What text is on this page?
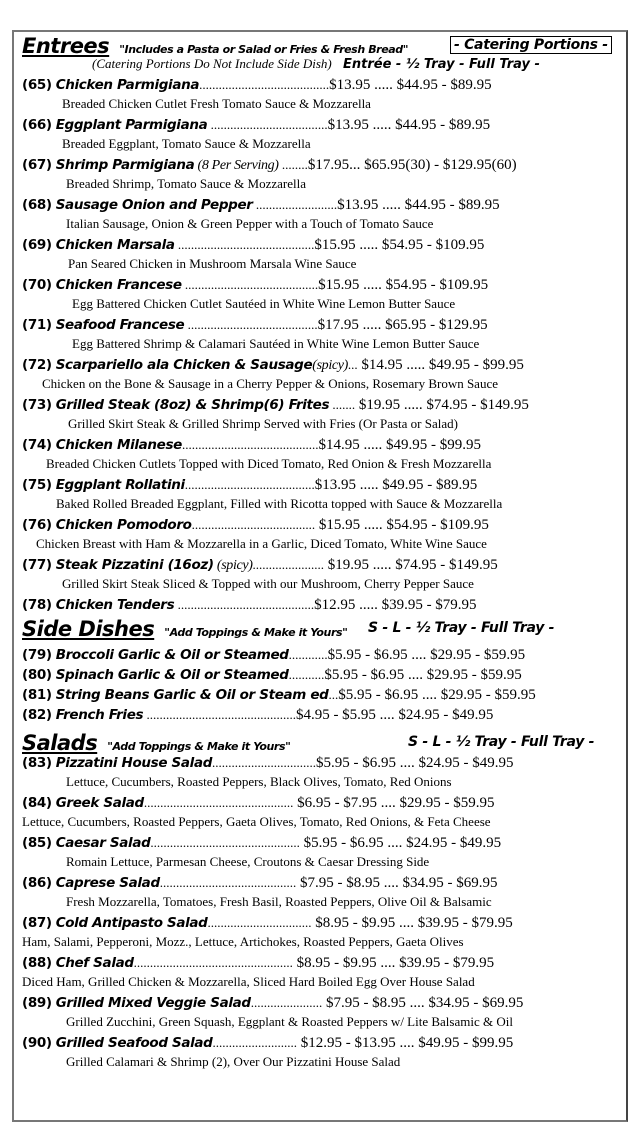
Entrees "Includes a Pasta or Salad or Fries & Fresh Bread"	- Catering Portions -
(Catering Portions Do Not Include Side Dish) Entrée - ½ Tray - Full Tray -
(65) Chicken Parmigiana........................................$13.95 ..... $44.95 - $89.95
Breaded Chicken Cutlet Fresh Tomato Sauce & Mozzarella
(66) Eggplant Parmigiana ....................................$13.95 ..... $44.95 - $89.95
Breaded Eggplant, Tomato Sauce & Mozzarella
(67) Shrimp Parmigiana (8 Per Serving) ........$17.95... $65.95(30) - $129.95(60)
Breaded Shrimp, Tomato Sauce & Mozzarella
(68) Sausage Onion and Pepper .........................$13.95 ..... $44.95 - $89.95
Italian Sausage, Onion & Green Pepper with a Touch of Tomato Sauce
(69) Chicken Marsala ..........................................$15.95 ..... $54.95 - $109.95
Pan Seared Chicken in Mushroom Marsala Wine Sauce
(70) Chicken Francese .........................................$15.95 ..... $54.95 - $109.95
Egg Battered Chicken Cutlet Sautéed in White Wine Lemon Butter Sauce
(71) Seafood Francese ........................................$17.95 ..... $65.95 - $129.95
Egg Battered Shrimp & Calamari Sautéed in White Wine Lemon Butter Sauce
(72) Scarpariello ala Chicken & Sausage(spicy)... $14.95 ..... $49.95 - $99.95
Chicken on the Bone & Sausage in a Cherry Pepper & Onions, Rosemary Brown Sauce
(73) Grilled Steak (8oz) & Shrimp(6) Frites ....... $19.95 ..... $74.95 - $149.95
Grilled Skirt Steak & Grilled Shrimp Served with Fries (Or Pasta or Salad)
(74) Chicken Milanese..........................................$14.95 ..... $49.95 - $99.95
Breaded Chicken Cutlets Topped with Diced Tomato, Red Onion & Fresh Mozzarella
(75) Eggplant Rollatini........................................$13.95 ..... $49.95 - $89.95
Baked Rolled Breaded Eggplant, Filled with Ricotta topped with Sauce & Mozzarella
(76) Chicken Pomodoro...................................... $15.95 ..... $54.95 - $109.95
Chicken Breast with Ham & Mozzarella in a Garlic, Diced Tomato, White Wine Sauce
(77) Steak Pizzatini (16oz) (spicy)...................... $19.95 ..... $74.95 - $149.95
Grilled Skirt Steak Sliced & Topped with our Mushroom, Cherry Pepper Sauce
(78) Chicken Tenders ..........................................$12.95 ..... $39.95 - $79.95
Side Dishes "Add Toppings & Make it Yours" S - L - ½ Tray - Full Tray -
(79) Broccoli Garlic & Oil or Steamed............$5.95 - $6.95 .... $29.95 - $59.95
(80) Spinach Garlic & Oil or Steamed...........$5.95 - $6.95 .... $29.95 - $59.95
(81) String Beans Garlic & Oil or Steam ed...$5.95 - $6.95 .... $29.95 - $59.95
(82) French Fries ..............................................$4.95 - $5.95 .... $24.95 - $49.95
Salads "Add Toppings & Make it Yours"	S - L - ½ Tray - Full Tray -
(83) Pizzatini House Salad................................$5.95 - $6.95 .... $24.95 - $49.95
Lettuce, Cucumbers, Roasted Peppers, Black Olives, Tomato, Red Onions
(84) Greek Salad.............................................. $6.95 - $7.95 .... $29.95 - $59.95
Lettuce, Cucumbers, Roasted Peppers, Gaeta Olives, Tomato, Red Onions, & Feta Cheese
(85) Caesar Salad.............................................. $5.95 - $6.95 .... $24.95 - $49.95
Romain Lettuce, Parmesan Cheese, Croutons & Caesar Dressing Side
(86) Caprese Salad.......................................... $7.95 - $8.95 .... $34.95 - $69.95
Fresh Mozzarella, Tomatoes, Fresh Basil, Roasted Peppers, Olive Oil & Balsamic
(87) Cold Antipasto Salad................................ $8.95 - $9.95 .... $39.95 - $79.95
Ham, Salami, Pepperoni, Mozz., Lettuce, Artichokes, Roasted Peppers, Gaeta Olives
(88) Chef Salad................................................. $8.95 - $9.95 .... $39.95 - $79.95
Diced Ham, Grilled Chicken & Mozzarella, Sliced Hard Boiled Egg Over House Salad
(89) Grilled Mixed Veggie Salad...................... $7.95 - $8.95 .... $34.95 - $69.95
Grilled Zucchini, Green Squash, Eggplant & Roasted Peppers w/ Lite Balsamic & Oil
(90) Grilled Seafood Salad.......................... $12.95 - $13.95 .... $49.95 - $99.95
Grilled Calamari & Shrimp (2), Over Our Pizzatini House Salad
